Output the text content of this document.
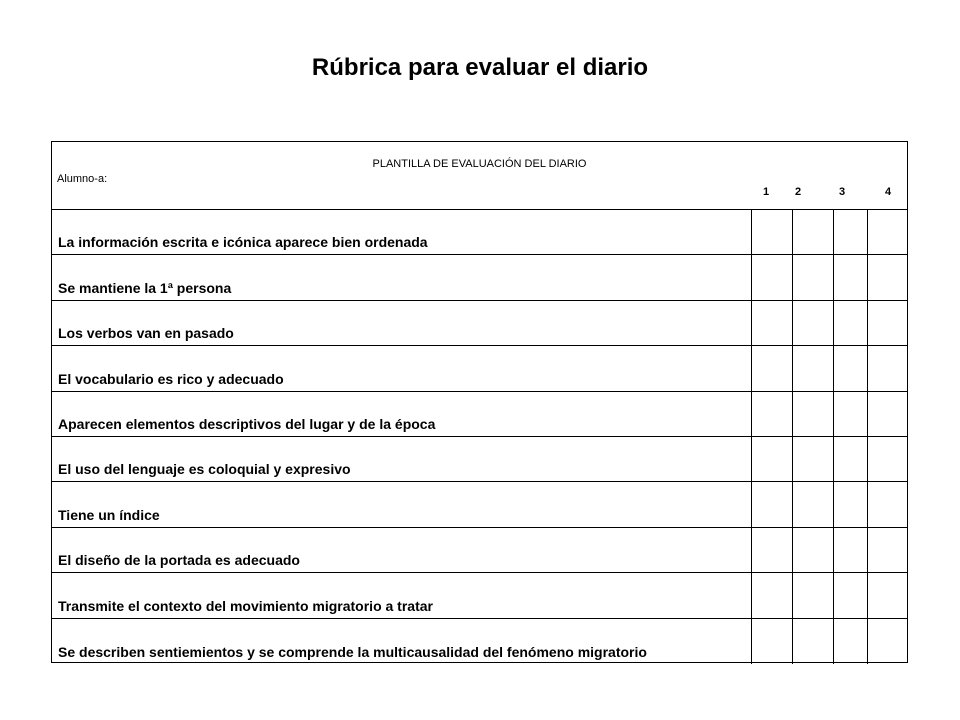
Rúbrica para evaluar el diario
PLANTILLA DE EVALUACIÓN DEL DIARIO
Alumno-a:
1 2	3	4
La información escrita e icónica aparece bien ordenada
Se mantiene la 1ª persona
Los verbos van en pasado
El vocabulario es rico y adecuado
Aparecen elementos descriptivos del lugar y de la época
El uso del lenguaje es coloquial y expresivo
Tiene un índice
El diseño de la portada es adecuado
Transmite el contexto del movimiento migratorio a tratar
Se describen sentiemientos y se comprende la multicausalidad del fenómeno migratorio
